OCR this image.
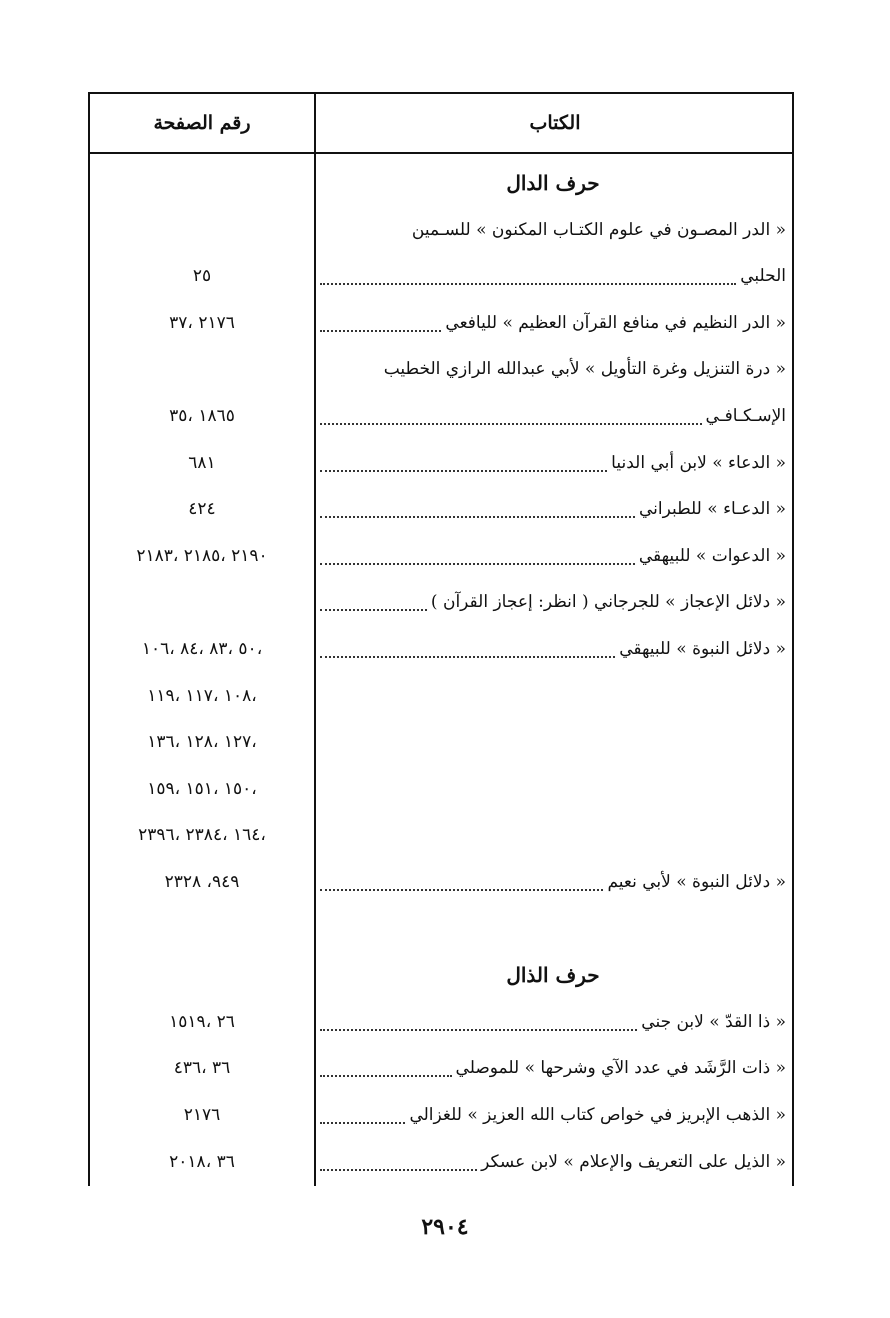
الكتاب
رقم الصفحة
حرف الدال
« الدر المصـون في علوم الكتـاب المكنون » للسـمين
الحلبي
٢٥
« الدر النظيم في منافع القرآن العظيم » لليافعي
٢١٧٦ ،٣٧
« درة التنزيل وغرة التأويل » لأبي عبدالله الرازي الخطيب
الإسـكـافـي
١٨٦٥ ،٣٥
« الدعاء » لابن أبي الدنيا
٦٨١
« الدعـاء » للطبراني
٤٢٤
« الدعوات » للبيهقي
٢١٩٠ ،٢١٨٥ ،٢١٨٣
« دلائل الإعجاز » للجرجاني ( انظر: إعجاز القرآن )
« دلائل النبوة » للبيهقي
،٥٠ ،٨٣ ،٨٤ ،١٠٦
،١٠٨ ،١١٧ ،١١٩
،١٢٧ ،١٢٨ ،١٣٦
،١٥٠ ،١٥١ ،١٥٩
،١٦٤ ،٢٣٨٤ ،٢٣٩٦
« دلائل النبوة » لأبي نعيم
٩٤٩، ٢٣٢٨
حرف الذال
« ذا القدّ » لابن جني
٢٦ ،١٥١٩
« ذات الرَّشَد في عدد الآي وشرحها » للموصلي
٣٦ ،٤٣٦
« الذهب الإبريز في خواص كتاب الله العزيز » للغزالي
٢١٧٦
« الذيل على التعريف والإعلام » لابن عسكر
٣٦ ،٢٠١٨
٢٩٠٤
